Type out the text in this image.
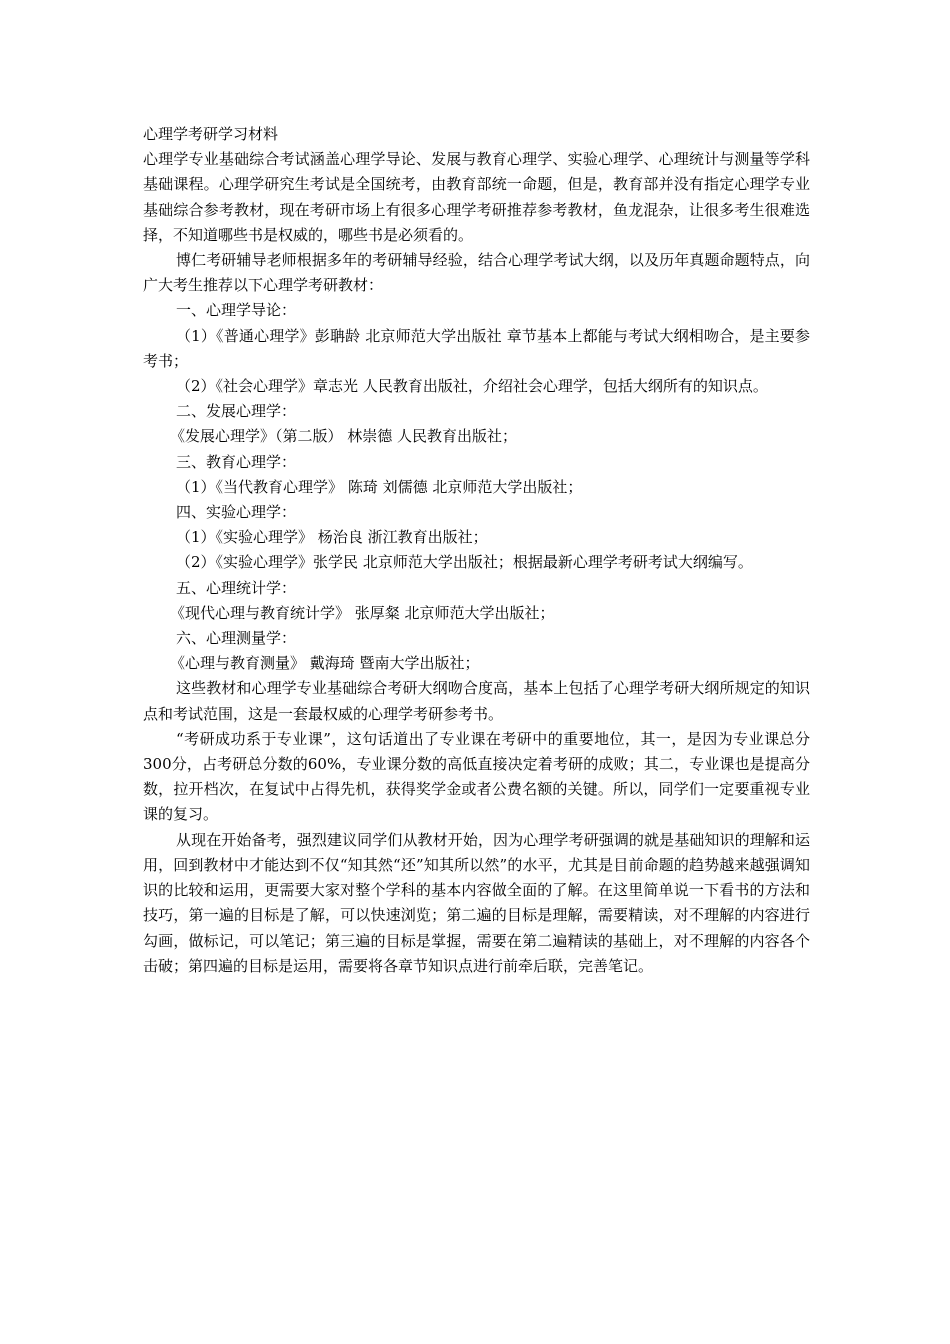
心理学考研学习材料

心理学专业基础综合考试涵盖心理学导论、发展与教育心理学、实验心理学、心理统计与测量等学科基础课程。心理学研究生考试是全国统考，由教育部统一命题，但是，教育部并没有指定心理学专业基础综合参考教材，现在考研市场上有很多心理学考研推荐参考教材，鱼龙混杂，让很多考生很难选择，不知道哪些书是权威的，哪些书是必须看的。

博仁考研辅导老师根据多年的考研辅导经验，结合心理学考试大纲，以及历年真题命题特点，向广大考生推荐以下心理学考研教材：

一、心理学导论：

（1）《普通心理学》彭聃龄 北京师范大学出版社 章节基本上都能与考试大纲相吻合，是主要参考书；

（2）《社会心理学》章志光 人民教育出版社，介绍社会心理学，包括大纲所有的知识点。

二、发展心理学：

《发展心理学》（第二版） 林崇德 人民教育出版社；

三、教育心理学：

（1）《当代教育心理学》 陈琦 刘儒德 北京师范大学出版社；

四、实验心理学：

（1）《实验心理学》 杨治良 浙江教育出版社；

（2）《实验心理学》张学民 北京师范大学出版社；根据最新心理学考研考试大纲编写。

五、心理统计学：

《现代心理与教育统计学》 张厚粲 北京师范大学出版社；

六、心理测量学：

《心理与教育测量》 戴海琦 暨南大学出版社；

这些教材和心理学专业基础综合考研大纲吻合度高，基本上包括了心理学考研大纲所规定的知识点和考试范围，这是一套最权威的心理学考研参考书。

“考研成功系于专业课”，这句话道出了专业课在考研中的重要地位，其一，是因为专业课总分300分，占考研总分数的60%，专业课分数的高低直接决定着考研的成败；其二，专业课也是提高分数，拉开档次，在复试中占得先机，获得奖学金或者公费名额的关键。所以，同学们一定要重视专业课的复习。

从现在开始备考，强烈建议同学们从教材开始，因为心理学考研强调的就是基础知识的理解和运用，回到教材中才能达到不仅“知其然“还”知其所以然”的水平，尤其是目前命题的趋势越来越强调知识的比较和运用，更需要大家对整个学科的基本内容做全面的了解。在这里简单说一下看书的方法和技巧，第一遍的目标是了解，可以快速浏览；第二遍的目标是理解，需要精读，对不理解的内容进行勾画，做标记，可以笔记；第三遍的目标是掌握，需要在第二遍精读的基础上，对不理解的内容各个击破；第四遍的目标是运用，需要将各章节知识点进行前牵后联，完善笔记。
